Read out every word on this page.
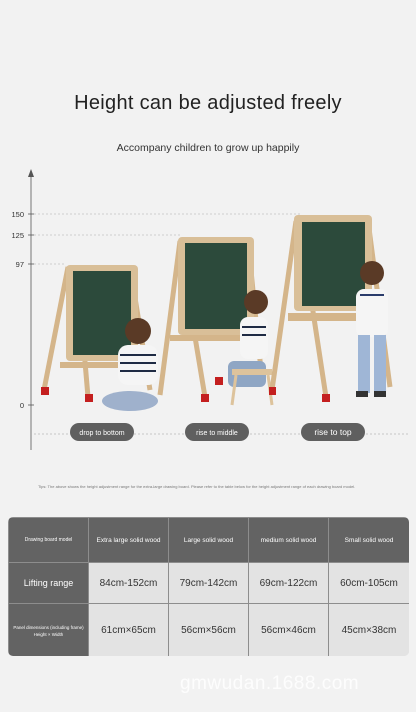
Height can be adjusted freely
Accompany children to grow up happily
150
125
97
0
drop to bottom	rise to middle	rise to top
Tips: The above shows the height adjustment range for the extra-large drawing board. Please refer to the table below for the height adjustment range of each drawing board model.
Drawing board model	Extra large solid wood	Large solid wood	medium solid wood	Small solid wood
Lifting range	84cm-152cm	79cm-142cm	69cm-122cm	60cm-105cm
Panel dimensions (including frame)
Height × Width	61cm×65cm	56cm×56cm	56cm×46cm	45cm×38cm
gmwudan.1688.com
